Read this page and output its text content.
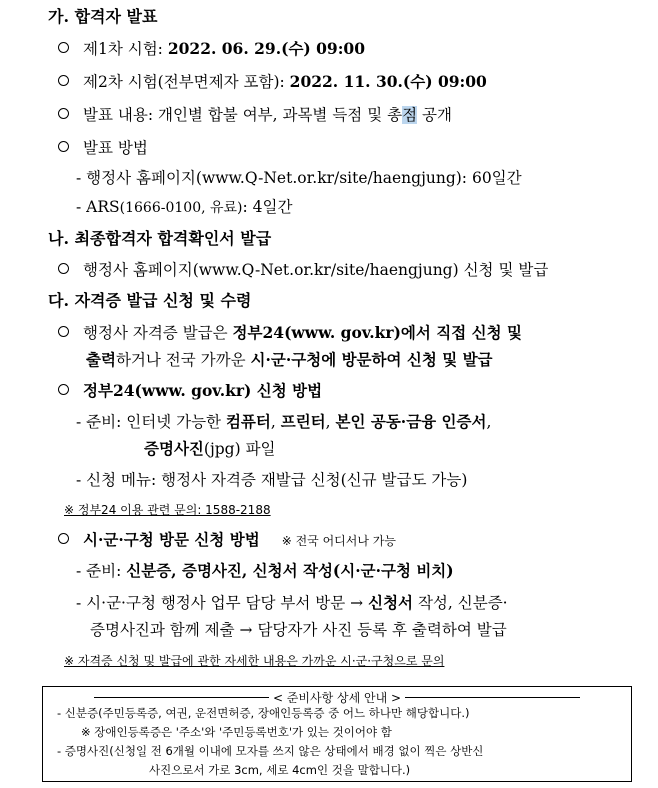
가. 합격자 발표
제1차 시험: 2022. 06. 29.(수) 09:00
제2차 시험(전부면제자 포함): 2022. 11. 30.(수) 09:00
발표 내용: 개인별 합불 여부, 과목별 득점 및 총점 공개
발표 방법
- 행정사 홈페이지(www.Q-Net.or.kr/site/haengjung): 60일간
- ARS(1666-0100, 유료): 4일간
나. 최종합격자 합격확인서 발급
행정사 홈페이지(www.Q-Net.or.kr/site/haengjung) 신청 및 발급
다. 자격증 발급 신청 및 수령
행정사 자격증 발급은 정부24(www. gov.kr)에서 직접 신청 및
출력하거나 전국 가까운 시·군·구청에 방문하여 신청 및 발급
정부24(www. gov.kr) 신청 방법
- 준비: 인터넷 가능한 컴퓨터, 프린터, 본인 공동·금융 인증서,
증명사진(jpg) 파일
- 신청 메뉴: 행정사 자격증 재발급 신청(신규 발급도 가능)
※ 정부24 이용 관련 문의: 1588-2188
시·군·구청 방문 신청 방법 ※ 전국 어디서나 가능
- 준비: 신분증, 증명사진, 신청서 작성(시·군·구청 비치)
- 시·군·구청 행정사 업무 담당 부서 방문 → 신청서 작성, 신분증·
증명사진과 함께 제출 → 담당자가 사진 등록 후 출력하여 발급
※ 자격증 신청 및 발급에 관한 자세한 내용은 가까운 시·군·구청으로 문의
< 준비사항 상세 안내 >
- 신분증(주민등록증, 여권, 운전면허증, 장애인등록증 중 어느 하나만 해당합니다.)
※ 장애인등록증은 '주소'와 '주민등록번호'가 있는 것이어야 함
- 증명사진(신청일 전 6개월 이내에 모자를 쓰지 않은 상태에서 배경 없이 찍은 상반신
사진으로서 가로 3cm, 세로 4cm인 것을 말합니다.)
